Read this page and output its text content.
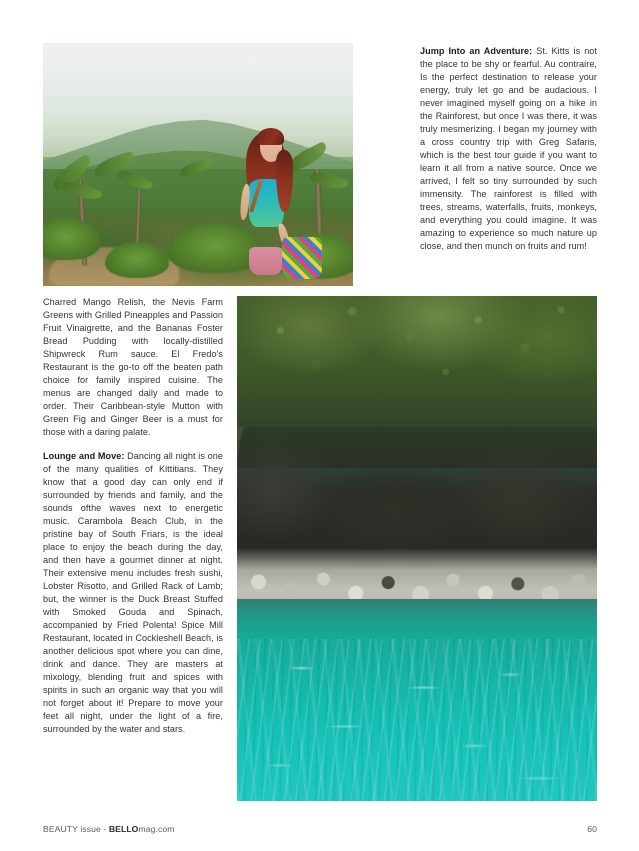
Jump Into an Adventure: St. Kitts is not the place to be shy or fearful. Au contraire, Is the perfect destination to release your energy, truly let go and be audacious. I never imagined myself going on a hike in the Rainforest, but once I was there, it was truly mesmerizing. I began my journey with a cross country trip with Greg Safaris, which is the best tour guide if you want to learn it all from a native source. Once we arrived, I felt so tiny surrounded by such immensity. The rainforest is filled with trees, streams, waterfalls, fruits, monkeys, and everything you could imagine. It was amazing to experience so much nature up close, and then munch on fruits and rum!

Charred Mango Relish, the Nevis Farm Greens with Grilled Pineapples and Passion Fruit Vinaigrette, and the Bananas Foster Bread Pudding with locally-distilled Shipwreck Rum sauce. El Fredo's Restaurant is the go-to off the beaten path choice for family inspired cuisine. The menus are changed daily and made to order. Their Caribbean-style Mutton with Green Fig and Ginger Beer is a must for those with a daring palate.

Lounge and Move: Dancing all night is one of the many qualities of Kittitians. They know that a good day can only end if surrounded by friends and family, and the sounds ofthe waves next to energetic music. Carambola Beach Club, in the pristine bay of South Friars, is the ideal place to enjoy the beach during the day, and then have a gourmet dinner at night. Their extensive menu includes fresh sushi, Lobster Risotto, and Grilled Rack of Lamb; but, the winner is the Duck Breast Stuffed with Smoked Gouda and Spinach, accompanied by Fried Polenta! Spice Mill Restaurant, located in Cockleshell Beach, is another delicious spot where you can dine, drink and dance. They are masters at mixology, blending fruit and spices with spirits in such an organic way that you will not forget about it! Prepare to move your feet all night, under the light of a fire, surrounded by the water and stars.

BEAUTY issue - BELLOmag.com	60
